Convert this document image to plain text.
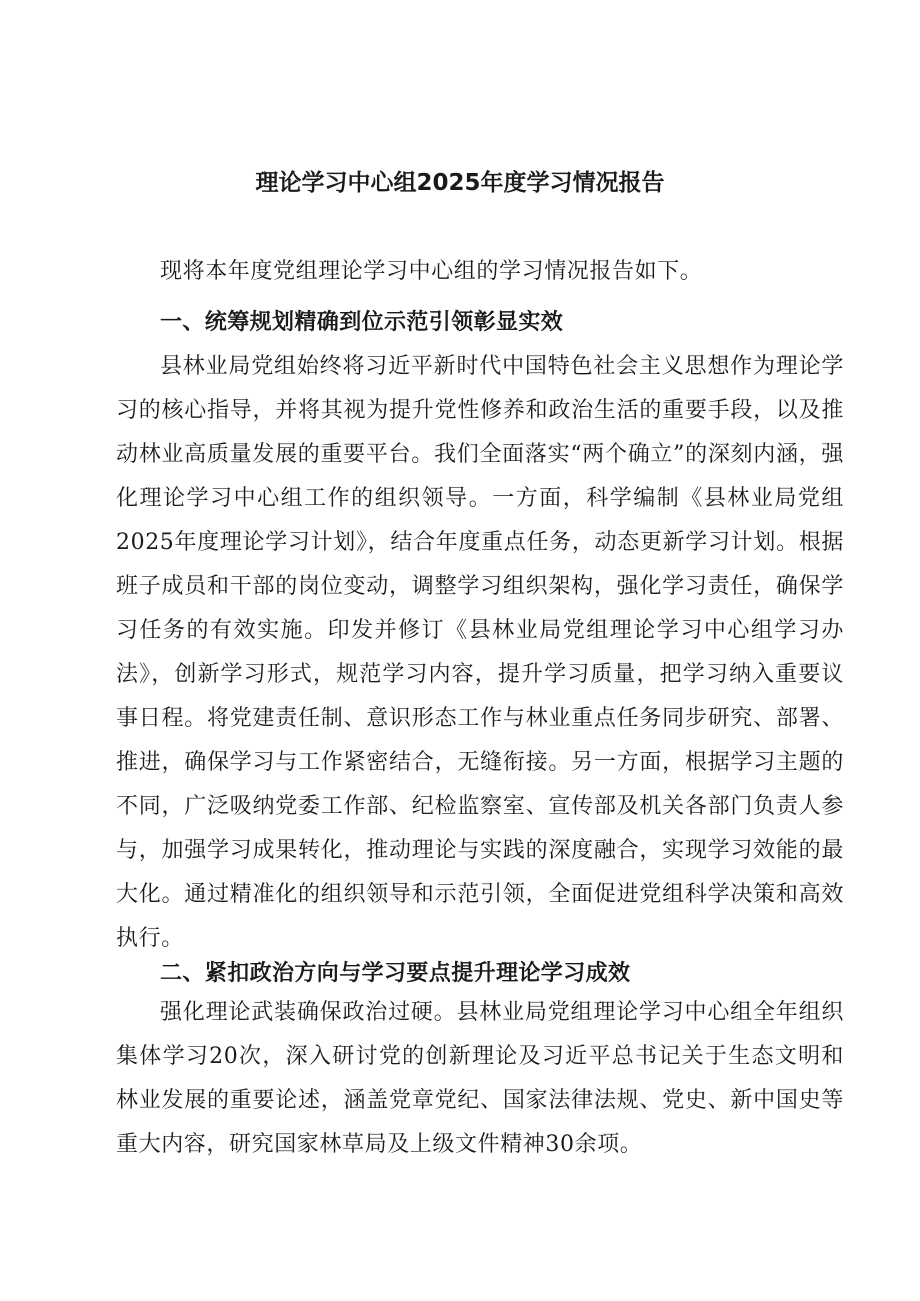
理论学习中心组2025年度学习情况报告

现将本年度党组理论学习中心组的学习情况报告如下。

一、统筹规划精确到位示范引领彰显实效

县林业局党组始终将习近平新时代中国特色社会主义思想作为理论学习的核心指导，并将其视为提升党性修养和政治生活的重要手段，以及推动林业高质量发展的重要平台。我们全面落实“两个确立”的深刻内涵，强化理论学习中心组工作的组织领导。一方面，科学编制《县林业局党组2025年度理论学习计划》，结合年度重点任务，动态更新学习计划。根据班子成员和干部的岗位变动，调整学习组织架构，强化学习责任，确保学习任务的有效实施。印发并修订《县林业局党组理论学习中心组学习办法》，创新学习形式，规范学习内容，提升学习质量，把学习纳入重要议事日程。将党建责任制、意识形态工作与林业重点任务同步研究、部署、推进，确保学习与工作紧密结合，无缝衔接。另一方面，根据学习主题的不同，广泛吸纳党委工作部、纪检监察室、宣传部及机关各部门负责人参与，加强学习成果转化，推动理论与实践的深度融合，实现学习效能的最大化。通过精准化的组织领导和示范引领，全面促进党组科学决策和高效执行。

二、紧扣政治方向与学习要点提升理论学习成效

强化理论武装确保政治过硬。县林业局党组理论学习中心组全年组织集体学习20次，深入研讨党的创新理论及习近平总书记关于生态文明和林业发展的重要论述，涵盖党章党纪、国家法律法规、党史、新中国史等重大内容，研究国家林草局及上级文件精神30余项。
